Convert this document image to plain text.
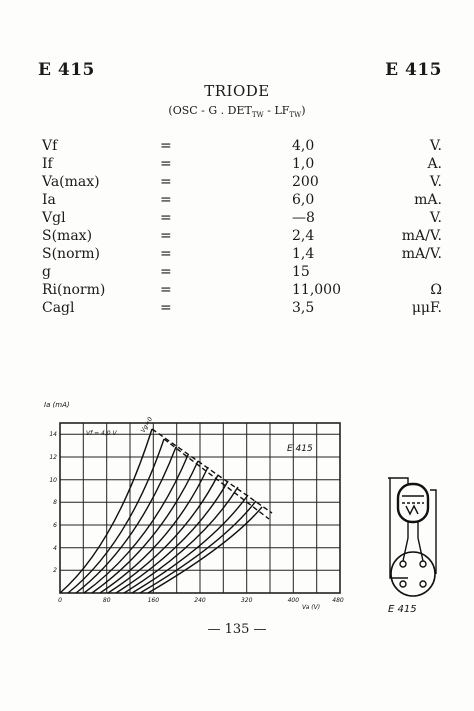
E 415	E 415
TRIODE
(OSC - G . $DET_{TW} - LF_{TW}$)
Vf	=	4,0	V.
If	=	1,0	A.
Va(max)	=	200	V.
Ia	=	6,0	mA.
Vgl	=	—8	V.
S(max)	=	2,4	mA/V.
S(norm)	=	1,4	mA/V.
g	=	15
Ri(norm)	=	11,000	Ω
Cagl	=	3,5	μμF.
Ia (mA)
Vf = 4,0 V	Vg=0
E 415
Va (V)
0	80	160	240	320	400	480
2
4
6
8
10
12
14
E 415
— 135 —
